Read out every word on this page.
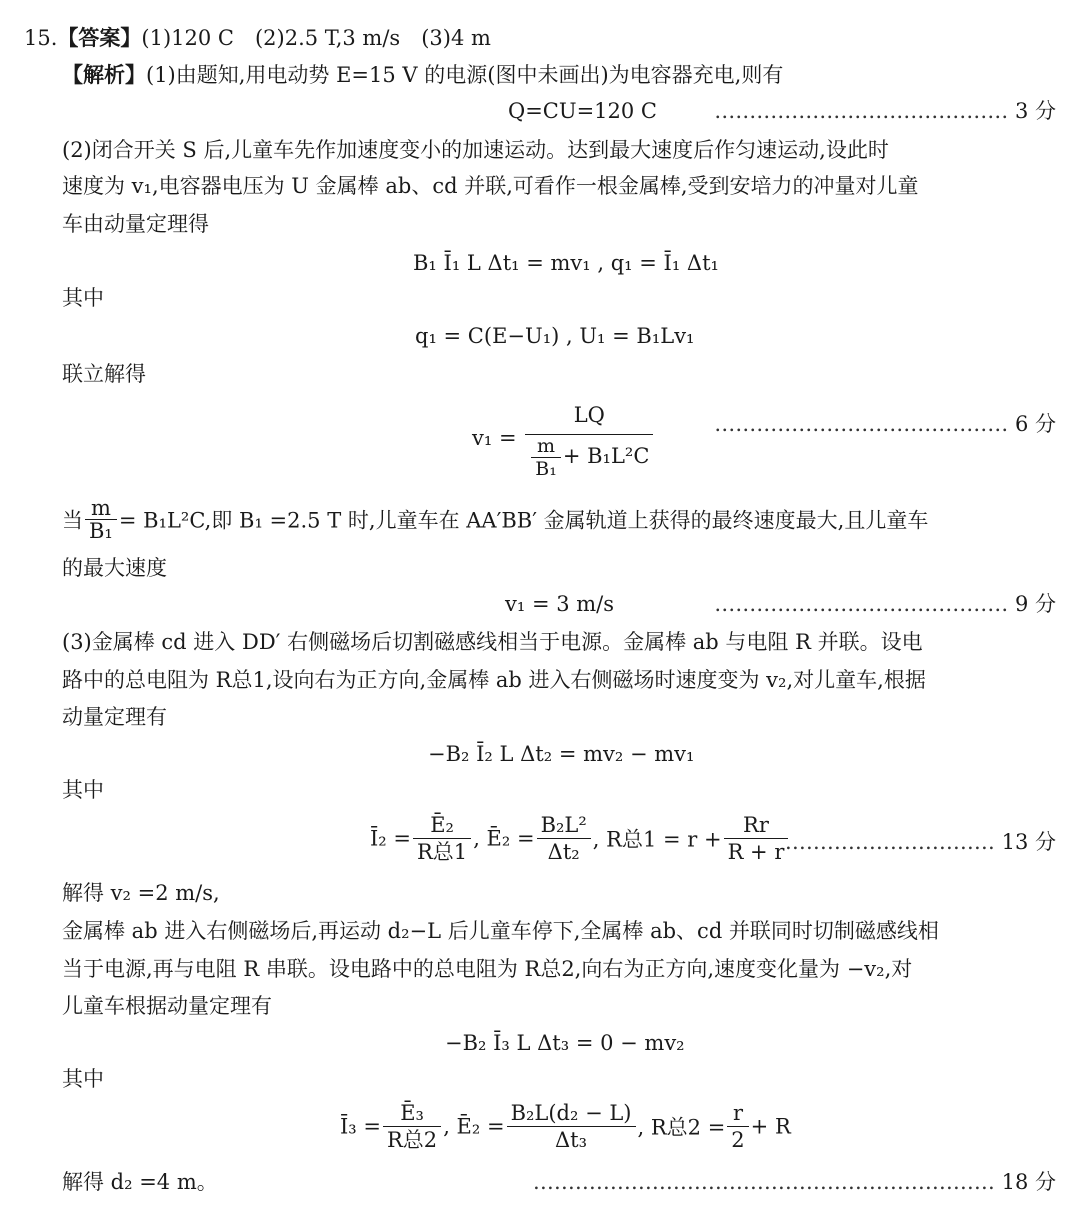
15.【答案】(1)120 C　(2)2.5 T,3 m/s　(3)4 m
【解析】(1)由题知,用电动势 E=15 V 的电源(图中未画出)为电容器充电,则有
Q=CU=120 C	…………………………………… 3 分
(2)闭合开关 S 后,儿童车先作加速度变小的加速运动。达到最大速度后作匀速运动,设此时
速度为 v₁,电容器电压为 U 金属棒 ab、cd 并联,可看作一根金属棒,受到安培力的冲量对儿童
车由动量定理得
B₁ Ī₁ L Δt₁ = mv₁ , q₁ = Ī₁ Δt₁
其中
q₁ = C(E−U₁) , U₁ = B₁Lv₁
联立解得
$v_1 = \frac{LQ}{\frac{m}{\text{B₁}} + B_1L^2C}$	…………………………………… 6 分
当 $\frac{m}{\text{B₁}} = B_1L^2C$,即 B₁ =2.5 T 时,儿童车在 AA′BB′ 金属轨道上获得的最终速度最大,且儿童车
的最大速度
v₁ = 3 m/s	…………………………………… 9 分
(3)金属棒 cd 进入 DD′ 右侧磁场后切割磁感线相当于电源。金属棒 ab 与电阻 R 并联。设电
路中的总电阻为 R总1,设向右为正方向,金属棒 ab 进入右侧磁场时速度变为 v₂,对儿童车,根据
动量定理有
−B₂ Ī₂ L Δt₂ = mv₂ − mv₁
其中
Ī₂ = $\frac{\text{Ē₂}}{\text{R总1}}$ , Ē₂ = $\frac{\text{B₂L²}}{\text{Δt₂}}$ , R总$1 = r + \frac{Rr}{R + r}$
………………………… 13 分
解得 v₂ =2 m/s,
金属棒 ab 进入右侧磁场后,再运动 d₂−L 后儿童车停下,全属棒 ab、cd 并联同时切制磁感线相
当于电源,再与电阻 R 串联。设电路中的总电阻为 R总2,向右为正方向,速度变化量为 −v₂,对
儿童车根据动量定理有
−B₂ Ī₃ L Δt₃ = 0 − mv₂
其中
Ī₃ = $\frac{\text{Ē₃}}{\text{R总2}}$ , Ē₂ = $\frac{\text{B₂L(d₂ − L)}}{\text{Δt₃}}$ , R总$2 = \frac{r}{2} + R$
解得 d₂ =4 m。	………………………………………………………… 18 分
